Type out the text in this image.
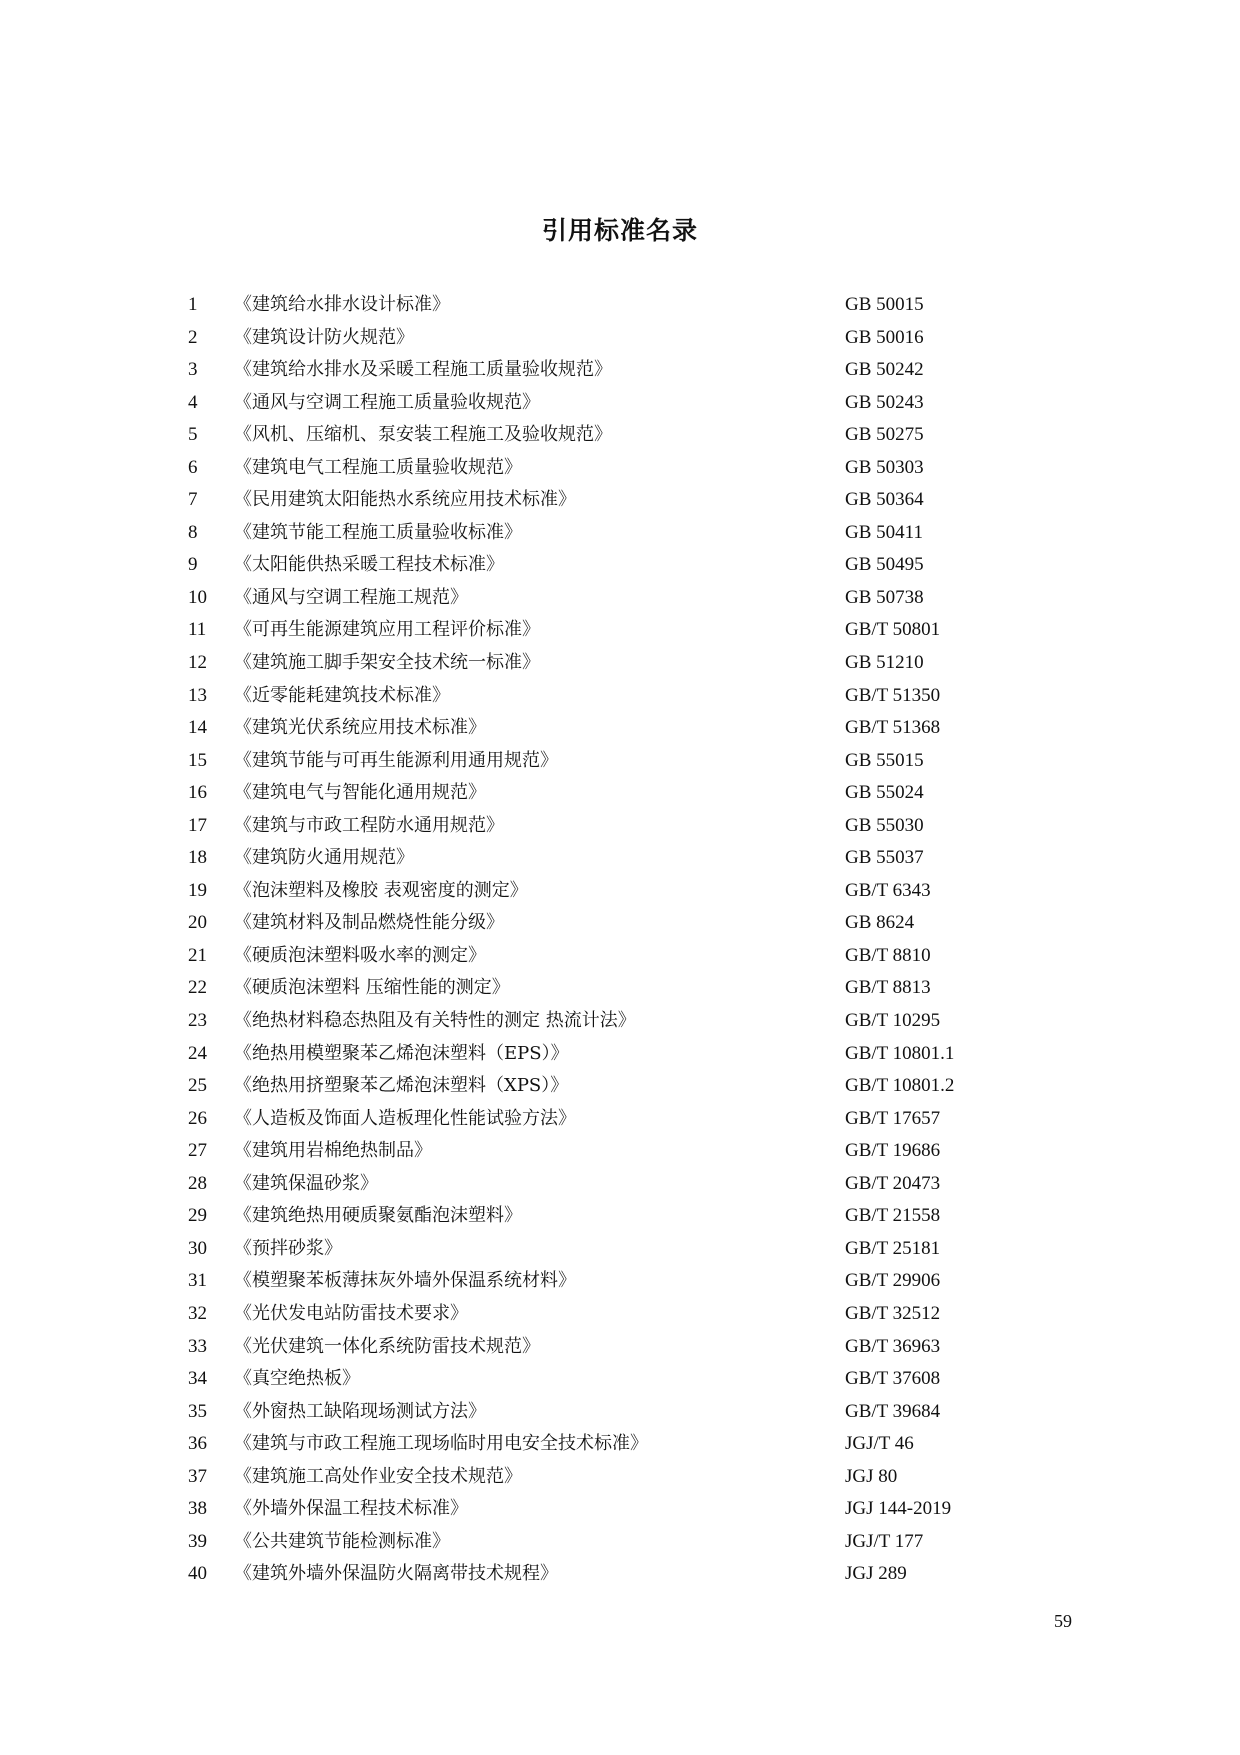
引用标准名录
1	《建筑给水排水设计标准》	GB 50015
2	《建筑设计防火规范》	GB 50016
3	《建筑给水排水及采暖工程施工质量验收规范》	GB 50242
4	《通风与空调工程施工质量验收规范》	GB 50243
5	《风机、压缩机、泵安装工程施工及验收规范》	GB 50275
6	《建筑电气工程施工质量验收规范》	GB 50303
7	《民用建筑太阳能热水系统应用技术标准》	GB 50364
8	《建筑节能工程施工质量验收标准》	GB 50411
9	《太阳能供热采暖工程技术标准》	GB 50495
10	《通风与空调工程施工规范》	GB 50738
11	《可再生能源建筑应用工程评价标准》	GB/T 50801
12	《建筑施工脚手架安全技术统一标准》	GB 51210
13	《近零能耗建筑技术标准》	GB/T 51350
14	《建筑光伏系统应用技术标准》	GB/T 51368
15	《建筑节能与可再生能源利用通用规范》	GB 55015
16	《建筑电气与智能化通用规范》	GB 55024
17	《建筑与市政工程防水通用规范》	GB 55030
18	《建筑防火通用规范》	GB 55037
19	《泡沫塑料及橡胶 表观密度的测定》	GB/T 6343
20	《建筑材料及制品燃烧性能分级》	GB 8624
21	《硬质泡沫塑料吸水率的测定》	GB/T 8810
22	《硬质泡沫塑料 压缩性能的测定》	GB/T 8813
23	《绝热材料稳态热阻及有关特性的测定 热流计法》	GB/T 10295
24	《绝热用模塑聚苯乙烯泡沫塑料（EPS）》	GB/T 10801.1
25	《绝热用挤塑聚苯乙烯泡沫塑料（XPS）》	GB/T 10801.2
26	《人造板及饰面人造板理化性能试验方法》	GB/T 17657
27	《建筑用岩棉绝热制品》	GB/T 19686
28	《建筑保温砂浆》	GB/T 20473
29	《建筑绝热用硬质聚氨酯泡沫塑料》	GB/T 21558
30	《预拌砂浆》	GB/T 25181
31	《模塑聚苯板薄抹灰外墙外保温系统材料》	GB/T 29906
32	《光伏发电站防雷技术要求》	GB/T 32512
33	《光伏建筑一体化系统防雷技术规范》	GB/T 36963
34	《真空绝热板》	GB/T 37608
35	《外窗热工缺陷现场测试方法》	GB/T 39684
36	《建筑与市政工程施工现场临时用电安全技术标准》	JGJ/T 46
37	《建筑施工高处作业安全技术规范》	JGJ 80
38	《外墙外保温工程技术标准》	JGJ 144-2019
39	《公共建筑节能检测标准》	JGJ/T 177
40	《建筑外墙外保温防火隔离带技术规程》	JGJ 289
59
